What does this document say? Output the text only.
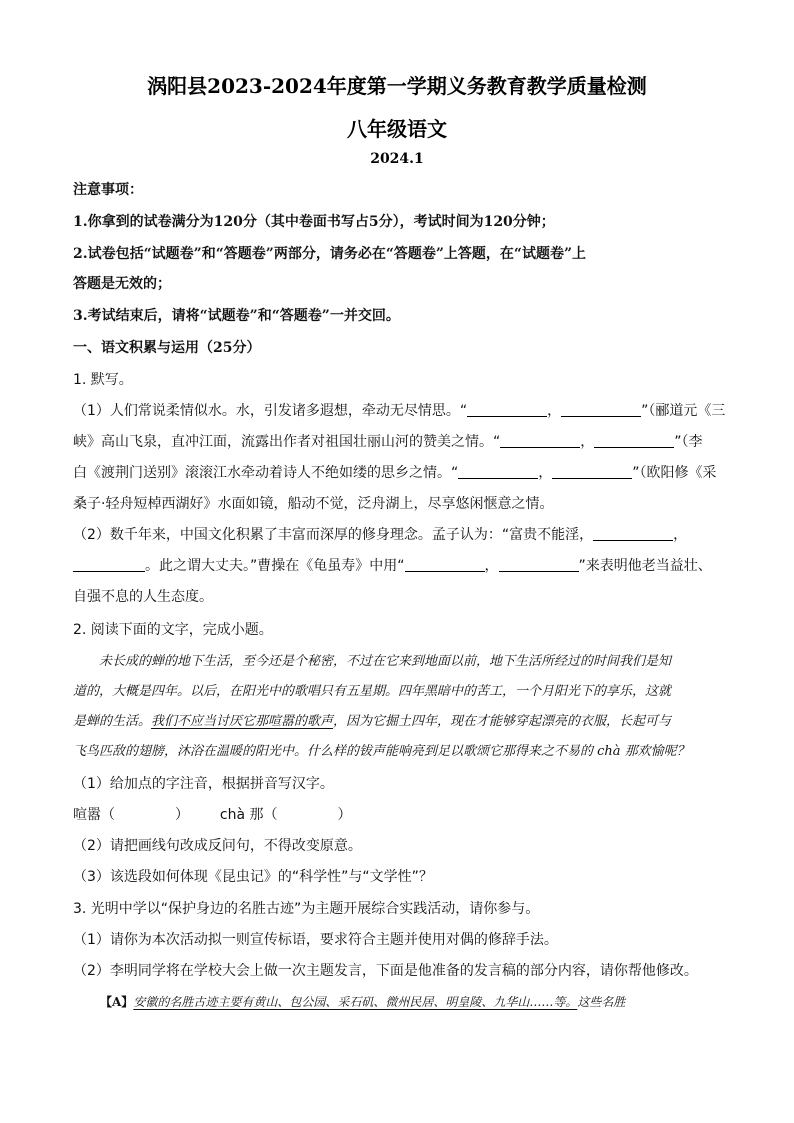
涡阳县2023-2024年度第一学期义务教育教学质量检测
八年级语文
2024.1
注意事项：
1.你拿到的试卷满分为120分（其中卷面书写占5分），考试时间为120分钟；
2.试卷包括“试题卷”和“答题卷”两部分，请务必在“答题卷”上答题，在“试题卷”上
答题是无效的；
3.考试结束后，请将“试题卷”和“答题卷”一并交回。
一、语文积累与运用（25分）
1. 默写。
（1）人们常说柔情似水。水，引发诸多遐想，牵动无尽情思。“	，	”（郦道元《三
峡》高山飞泉，直冲江面，流露出作者对祖国壮丽山河的赞美之情。“	，	”（李
白《渡荆门送别》滚滚江水牵动着诗人不绝如缕的思乡之情。“	，	”（欧阳修《采
桑子·轻舟短棹西湖好》水面如镜，船动不觉，泛舟湖上，尽享悠闲惬意之情。
（2）数千年来，中国文化积累了丰富而深厚的修身理念。孟子认为：“富贵不能淫，	，
。此之谓大丈夫。”曹操在《龟虽寿》中用“	，	”来表明他老当益壮、
自强不息的人生态度。
2. 阅读下面的文字，完成小题。
未长成的蝉的地下生活，至今还是个秘密，不过在它来到地面以前，地下生活所经过的时间我们是知
道的，大概是四年。以后，在阳光中的歌唱只有五星期。四年黑暗中的苦工，一个月阳光下的享乐，这就
是蝉的生活。我们不应当讨厌它那喧嚣的歌声，因为它掘土四年，现在才能够穿起漂亮的衣服，长起可与
飞鸟匹敌的翅膀，沐浴在温暖的阳光中。什么样的钹声能响亮到足以歌颂它那得来之不易的 chà 那欢愉呢？
（1）给加点的字注音，根据拼音写汉字。
喧嚣（	） chà 那（	）
（2）请把画线句改成反问句，不得改变原意。
（3）该选段如何体现《昆虫记》的“科学性”与“文学性”？
3. 光明中学以“保护身边的名胜古迹”为主题开展综合实践活动，请你参与。
（1）请你为本次活动拟一则宣传标语，要求符合主题并使用对偶的修辞手法。
（2）李明同学将在学校大会上做一次主题发言，下面是他准备的发言稿的部分内容，请你帮他修改。
【A】安徽的名胜古迹主要有黄山、包公园、采石矶、微州民居、明皇陵、九华山……等。这些名胜
